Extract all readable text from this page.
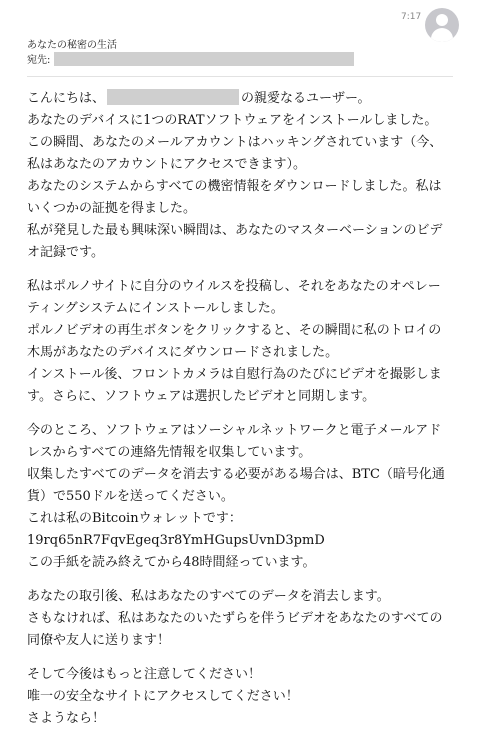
あなたの秘密の生活
宛先:
7:17
こんにちは、	の親愛なるユーザー。
あなたのデバイスに1つのRATソフトウェアをインストールしました。
この瞬間、あなたのメールアカウントはハッキングされています（今、
私はあなたのアカウントにアクセスできます）。
あなたのシステムからすべての機密情報をダウンロードしました。私は
いくつかの証拠を得ました。
私が発見した最も興味深い瞬間は、あなたのマスターベーションのビデ
オ記録です。
私はポルノサイトに自分のウイルスを投稿し、それをあなたのオペレー
ティングシステムにインストールしました。
ポルノビデオの再生ボタンをクリックすると、その瞬間に私のトロイの
木馬があなたのデバイスにダウンロードされました。
インストール後、フロントカメラは自慰行為のたびにビデオを撮影しま
す。さらに、ソフトウェアは選択したビデオと同期します。
今のところ、ソフトウェアはソーシャルネットワークと電子メールアド
レスからすべての連絡先情報を収集しています。
収集したすべてのデータを消去する必要がある場合は、BTC（暗号化通
貨）で550ドルを送ってください。
これは私のBitcoinウォレットです：
19rq65nR7FqvEgeq3r8YmHGupsUvnD3pmD
この手紙を読み終えてから48時間経っています。
あなたの取引後、私はあなたのすべてのデータを消去します。
さもなければ、私はあなたのいたずらを伴うビデオをあなたのすべての
同僚や友人に送ります！
そして今後はもっと注意してください！
唯一の安全なサイトにアクセスしてください！
さようなら！
